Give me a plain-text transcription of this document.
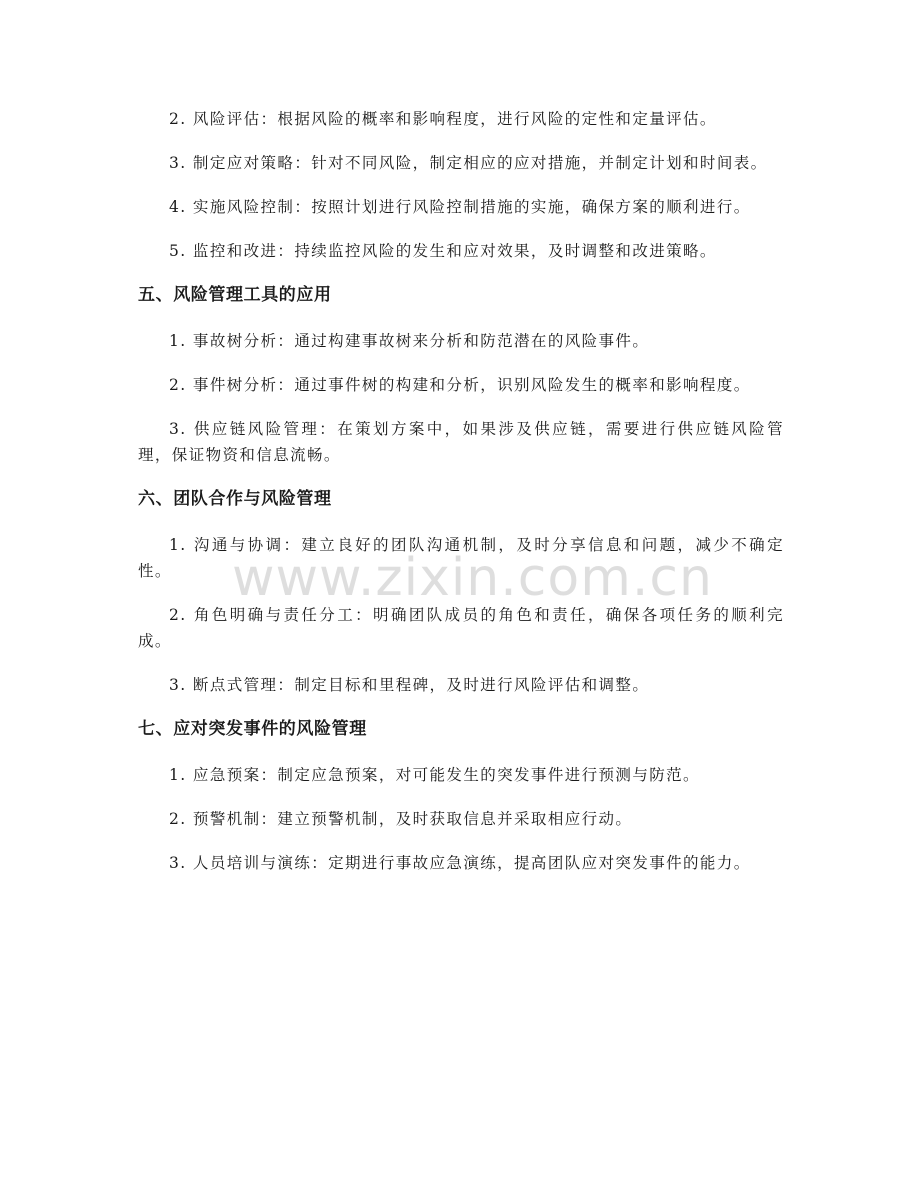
2. 风险评估：根据风险的概率和影响程度，进行风险的定性和定量评估。

3. 制定应对策略：针对不同风险，制定相应的应对措施，并制定计划和时间表。

4. 实施风险控制：按照计划进行风险控制措施的实施，确保方案的顺利进行。

5. 监控和改进：持续监控风险的发生和应对效果，及时调整和改进策略。

五、风险管理工具的应用

1. 事故树分析：通过构建事故树来分析和防范潜在的风险事件。

2. 事件树分析：通过事件树的构建和分析，识别风险发生的概率和影响程度。

3. 供应链风险管理：在策划方案中，如果涉及供应链，需要进行供应链风险管理，保证物资和信息流畅。

六、团队合作与风险管理

1. 沟通与协调：建立良好的团队沟通机制，及时分享信息和问题，减少不确定性。

2. 角色明确与责任分工：明确团队成员的角色和责任，确保各项任务的顺利完成。

3. 断点式管理：制定目标和里程碑，及时进行风险评估和调整。

七、应对突发事件的风险管理

1. 应急预案：制定应急预案，对可能发生的突发事件进行预测与防范。

2. 预警机制：建立预警机制，及时获取信息并采取相应行动。

3. 人员培训与演练：定期进行事故应急演练，提高团队应对突发事件的能力。

www.zixin.com.cn
